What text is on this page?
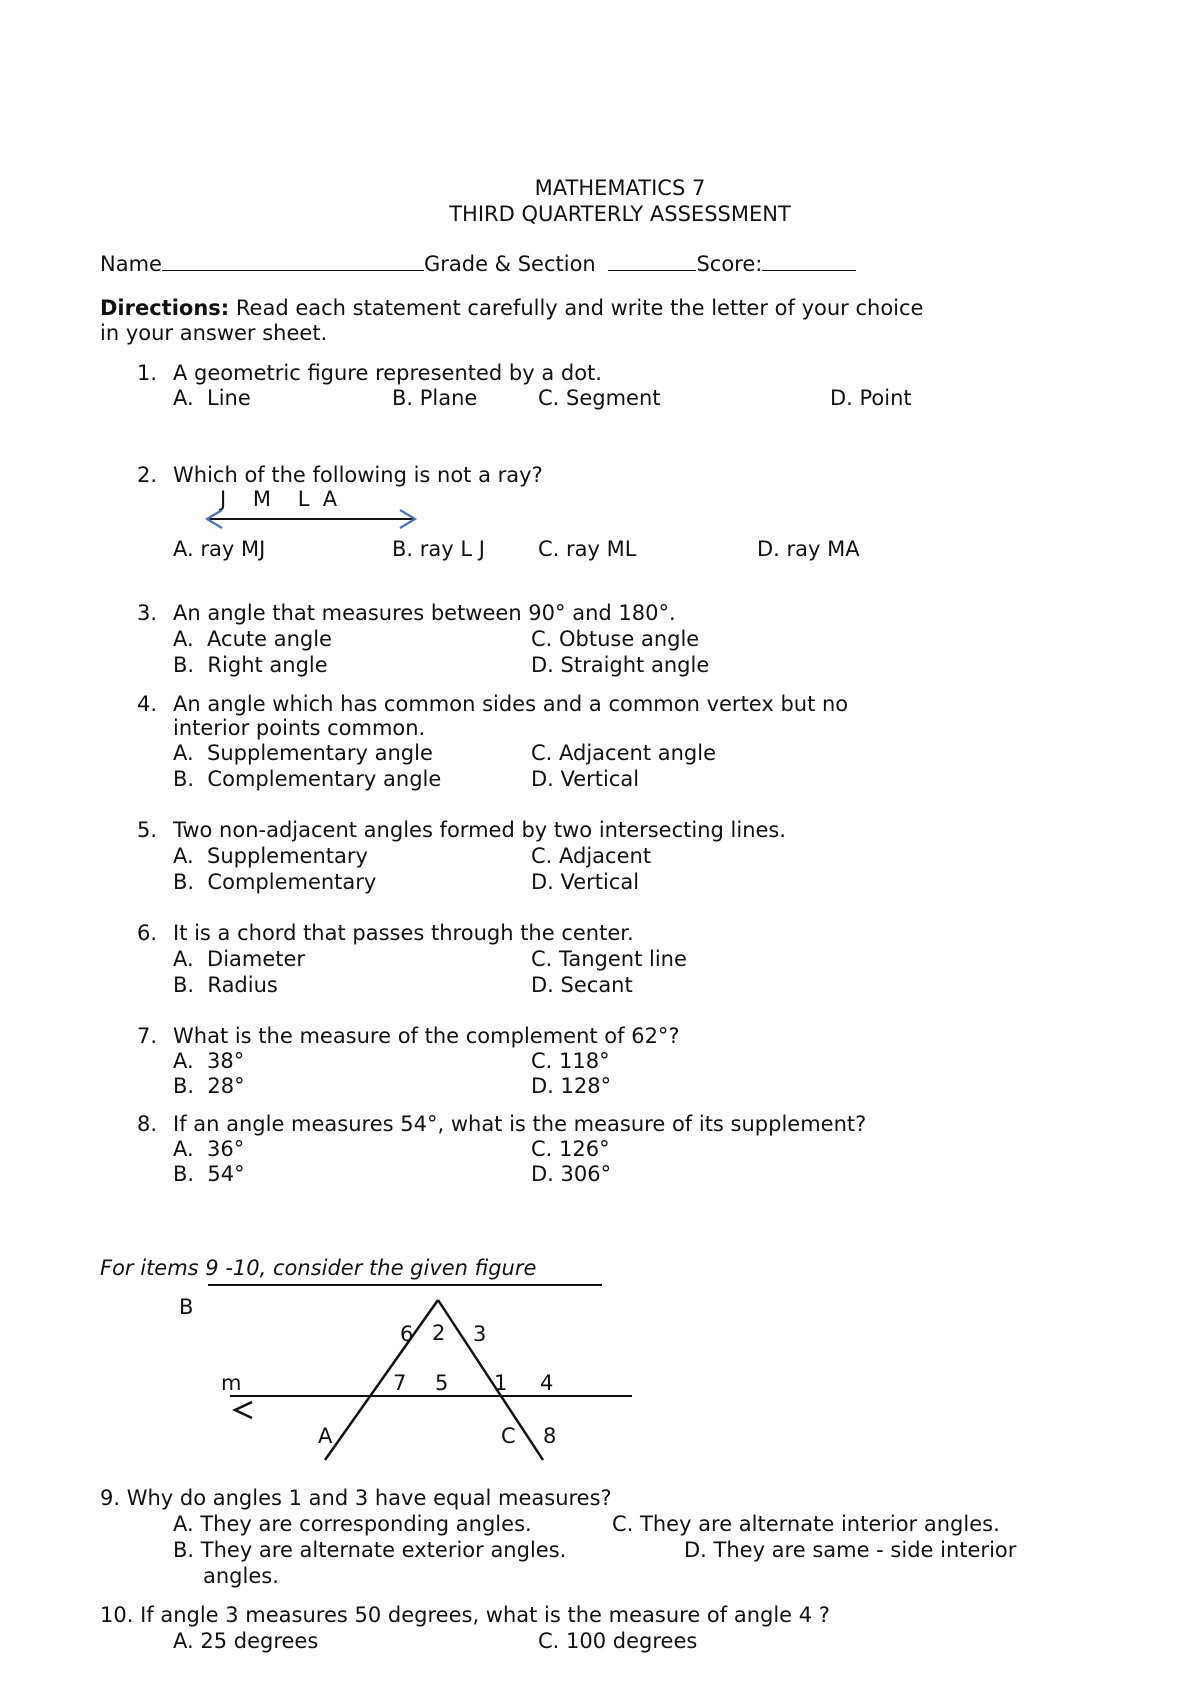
MATHEMATICS 7
THIRD QUARTERLY ASSESSMENT
Name	Grade & Section	Score:
Directions: Read each statement carefully and write the letter of your choice
in your answer sheet.
1. A geometric figure represented by a dot.
A.  Line	B. Plane	C. Segment	D. Point
2. Which of the following is not a ray?
J    M    L  A
A. ray MJ	B. ray L J	C. ray ML	D. ray MA
3. An angle that measures between 90° and 180°.
A.  Acute angle	C. Obtuse angle
B.  Right angle	D. Straight angle
4. An angle which has common sides and a common vertex but no
interior points common.
A.  Supplementary angle	C. Adjacent angle
B.  Complementary angle	D. Vertical
5. Two non-adjacent angles formed by two intersecting lines.
A.  Supplementary	C. Adjacent
B.  Complementary	D. Vertical
6. It is a chord that passes through the center.
A.  Diameter	C. Tangent line
B.  Radius	D. Secant
7. What is the measure of the complement of 62°?
A.  38°	C. 118°
B.  28°	D. 128°
8. If an angle measures 54°, what is the measure of its supplement?
A.  36°	C. 126°
B.  54°	D. 306°
For items 9 -10, consider the given figure
B
m
A	C
6 2 3
7 5 1 4
8
9. Why do angles 1 and 3 have equal measures?
A. They are corresponding angles.	C. They are alternate interior angles.
B. They are alternate exterior angles.	D. They are same - side interior
angles.
10. If angle 3 measures 50 degrees, what is the measure of angle 4 ?
A. 25 degrees	C. 100 degrees
